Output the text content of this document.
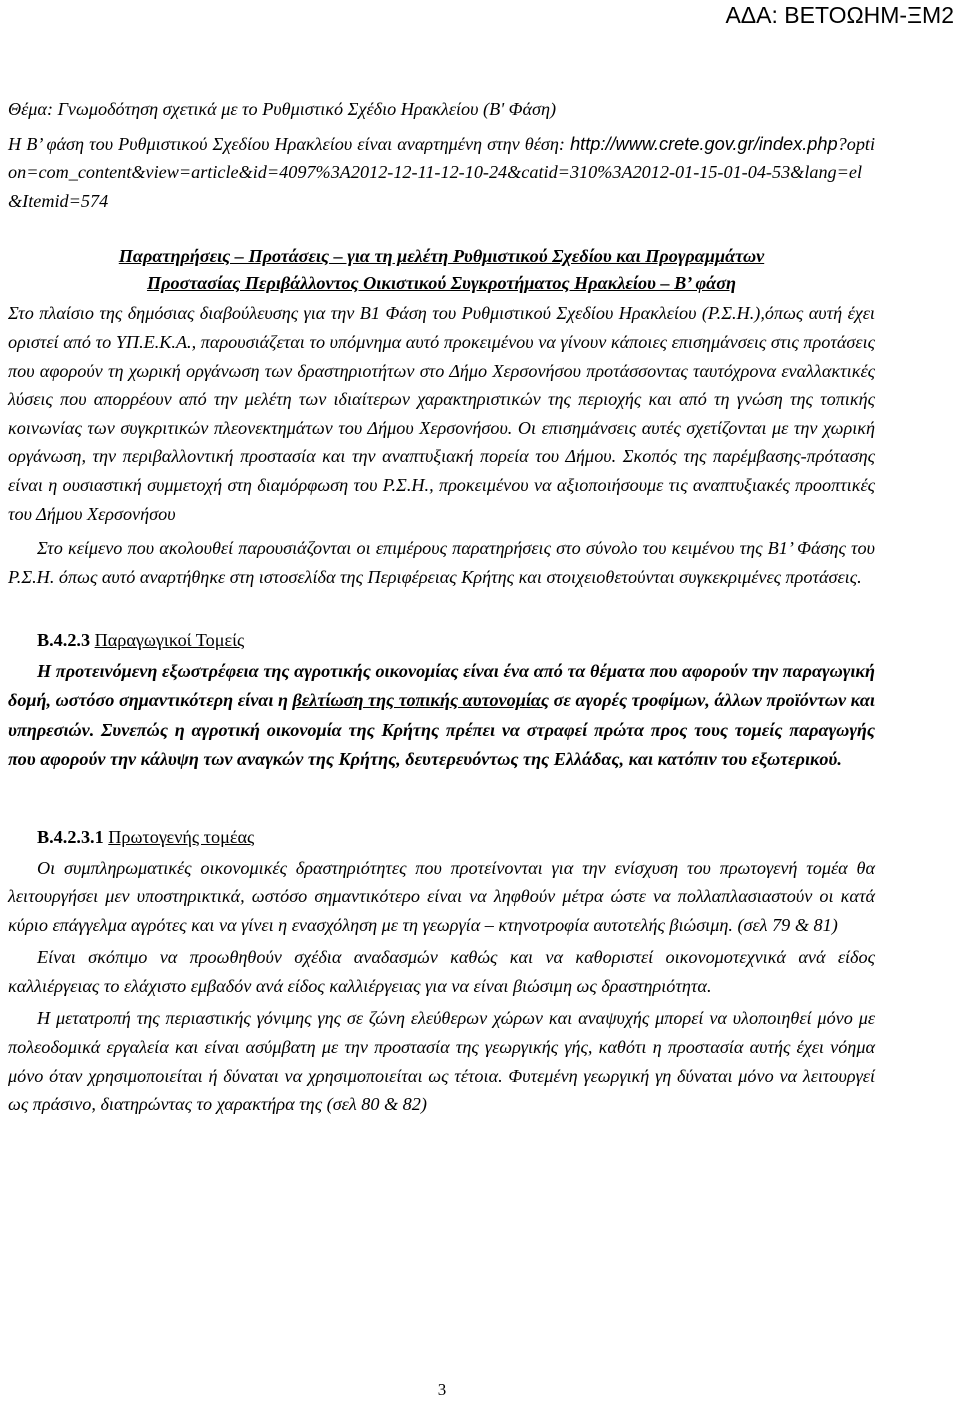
ΑΔΑ: ΒΕΤΟΩΗΜ-ΞΜ2

Θέμα: Γνωμοδότηση σχετικά με το Ρυθμιστικό Σχέδιο Ηρακλείου (Β' Φάση)

Η Β’ φάση του Ρυθμιστικού Σχεδίου Ηρακλείου είναι αναρτημένη στην θέση: http://www.crete.gov.gr/index.php?option=com_content&view=article&id=4097%3A2012-12-11-12-10-24&catid=310%3A2012-01-15-01-04-53&lang=el&Itemid=574

Παρατηρήσεις – Προτάσεις – για τη μελέτη Ρυθμιστικού Σχεδίου και Προγραμμάτων
Προστασίας Περιβάλλοντος Οικιστικού Συγκροτήματος Ηρακλείου – Β’ φάση

Στο πλαίσιο της δημόσιας διαβούλευσης για την Β1 Φάση του Ρυθμιστικού Σχεδίου Ηρακλείου (Ρ.Σ.Η.),όπως αυτή έχει οριστεί από το ΥΠ.Ε.Κ.Α., παρουσιάζεται το υπόμνημα αυτό προκειμένου να γίνουν κάποιες επισημάνσεις στις προτάσεις που αφορούν τη χωρική οργάνωση των δραστηριοτήτων στο Δήμο Χερσονήσου προτάσσοντας ταυτόχρονα εναλλακτικές λύσεις που απορρέουν από την μελέτη των ιδιαίτερων χαρακτηριστικών της περιοχής και από τη γνώση της τοπικής κοινωνίας των συγκριτικών πλεονεκτημάτων του Δήμου Χερσονήσου. Οι επισημάνσεις αυτές σχετίζονται με την χωρική οργάνωση, την περιβαλλοντική προστασία και την αναπτυξιακή πορεία του Δήμου. Σκοπός της παρέμβασης-πρότασης είναι η ουσιαστική συμμετοχή στη διαμόρφωση του Ρ.Σ.Η., προκειμένου να αξιοποιήσουμε τις αναπτυξιακές προοπτικές του Δήμου Χερσονήσου

Στο κείμενο που ακολουθεί παρουσιάζονται οι επιμέρους παρατηρήσεις στο σύνολο του κειμένου της Β1’ Φάσης του Ρ.Σ.Η. όπως αυτό αναρτήθηκε στη ιστοσελίδα της Περιφέρειας Κρήτης και στοιχειοθετούνται συγκεκριμένες προτάσεις.

Β.4.2.3 Παραγωγικοί Τομείς

Η προτεινόμενη εξωστρέφεια της αγροτικής οικονομίας είναι ένα από τα θέματα που αφορούν την παραγωγική δομή, ωστόσο σημαντικότερη είναι η βελτίωση της τοπικής αυτονομίας σε αγορές τροφίμων, άλλων προϊόντων και υπηρεσιών. Συνεπώς η αγροτική οικονομία της Κρήτης πρέπει να στραφεί πρώτα προς τους τομείς παραγωγής που αφορούν την κάλυψη των αναγκών της Κρήτης, δευτερευόντως της Ελλάδας, και κατόπιν του εξωτερικού.

Β.4.2.3.1 Πρωτογενής τομέας

Οι συμπληρωματικές οικονομικές δραστηριότητες που προτείνονται για την ενίσχυση του πρωτογενή τομέα θα λειτουργήσει μεν υποστηρικτικά, ωστόσο σημαντικότερο είναι να ληφθούν μέτρα ώστε να πολλαπλασιαστούν οι κατά κύριο επάγγελμα αγρότες και να γίνει η ενασχόληση με τη γεωργία – κτηνοτροφία αυτοτελής βιώσιμη. (σελ 79 & 81)

Είναι σκόπιμο να προωθηθούν σχέδια αναδασμών καθώς και να καθοριστεί οικονομοτεχνικά ανά είδος καλλιέργειας το ελάχιστο εμβαδόν ανά είδος καλλιέργειας για να είναι βιώσιμη ως δραστηριότητα.

Η μετατροπή της περιαστικής γόνιμης γης σε ζώνη ελεύθερων χώρων και αναψυχής μπορεί να υλοποιηθεί μόνο με πολεοδομικά εργαλεία και είναι ασύμβατη με την προστασία της γεωργικής γής, καθότι η προστασία αυτής έχει νόημα μόνο όταν χρησιμοποιείται ή δύναται να χρησιμοποιείται ως τέτοια. Φυτεμένη γεωργική γη δύναται μόνο να λειτουργεί ως πράσινο, διατηρώντας το χαρακτήρα της (σελ 80 & 82)

3
